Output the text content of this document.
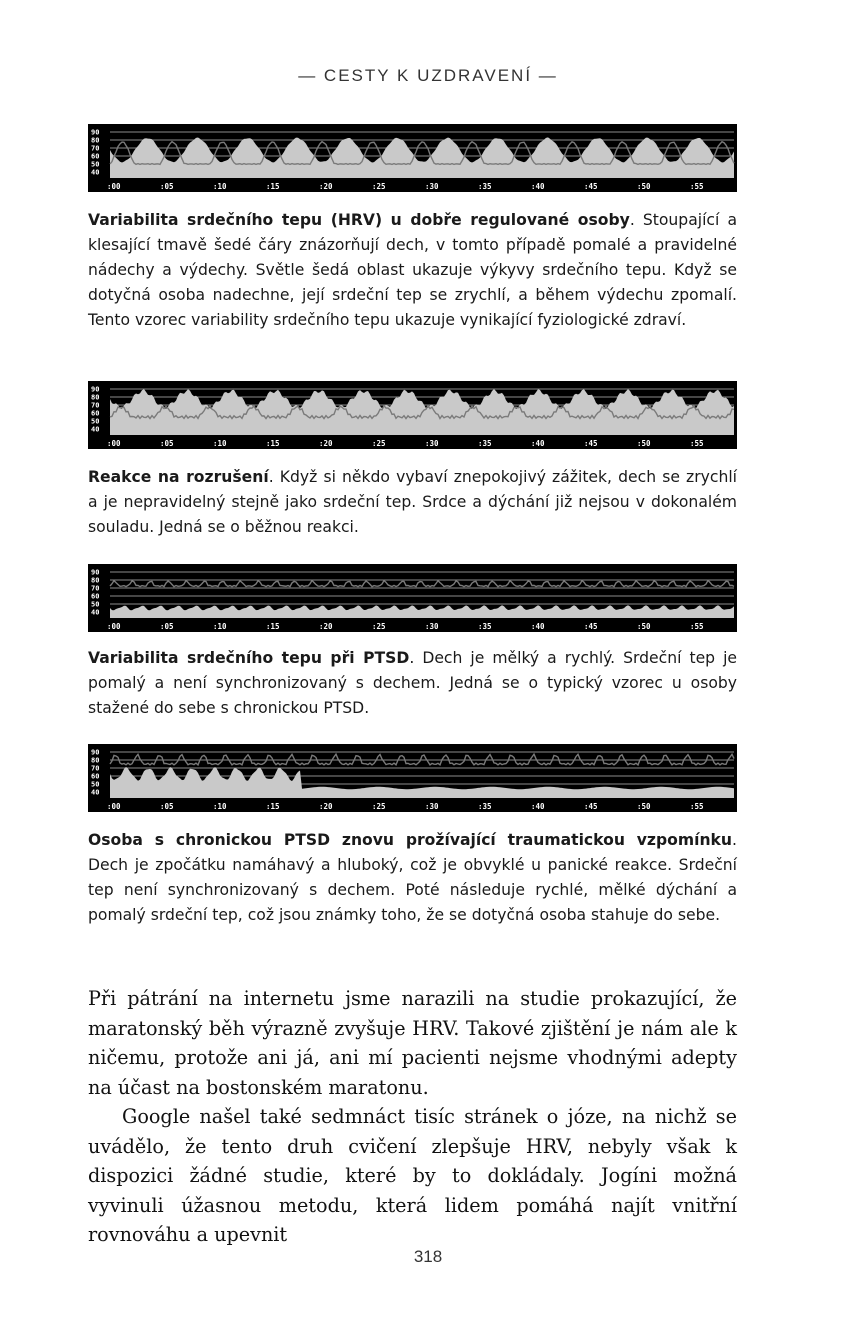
— CESTY K UZDRAVENÍ —
90
80
70
60
50
40
:00	:05	:10	:15	:20	:25	:30	:35	:40	:45	:50	:55	1:00
Variabilita srdečního tepu (HRV) u dobře regulované osoby. Stoupající a klesající tmavě šedé čáry znázorňují dech, v tomto případě pomalé a pravidelné nádechy a výdechy. Světle šedá oblast ukazuje výkyvy srdečního tepu. Když se dotyčná osoba nadechne, její srdeční tep se zrychlí, a během výdechu zpomalí. Tento vzorec variability srdečního tepu ukazuje vynikající fyziologické zdraví.
90
80
70
60
50
40
:00	:05	:10	:15	:20	:25	:30	:35	:40	:45	:50	:55	1:00
Reakce na rozrušení. Když si někdo vybaví znepokojivý zážitek, dech se zrychlí a je nepravidelný stejně jako srdeční tep. Srdce a dýchání již nejsou v dokonalém souladu. Jedná se o běžnou reakci.
90
80
70
60
50
40
:00	:05	:10	:15	:20	:25	:30	:35	:40	:45	:50	:55
Variabilita srdečního tepu při PTSD. Dech je mělký a rychlý. Srdeční tep je pomalý a není synchronizovaný s dechem. Jedná se o typický vzorec u osoby stažené do sebe s chronickou PTSD.
90
80
70
60
50
40
:00	:05	:10	:15	:20	:25	:30	:35	:40	:45	:50	:55
Osoba s chronickou PTSD znovu prožívající traumatickou vzpomínku. Dech je zpočátku namáhavý a hluboký, což je obvyklé u panické reakce. Srdeční tep není synchronizovaný s dechem. Poté následuje rychlé, mělké dýchání a pomalý srdeční tep, což jsou známky toho, že se dotyčná osoba stahuje do sebe.

Při pátrání na internetu jsme narazili na studie prokazující, že maratonský běh výrazně zvyšuje HRV. Takové zjištění je nám ale k ničemu, protože ani já, ani mí pacienti nejsme vhodnými adepty na účast na bostonském maratonu.

Google našel také sedmnáct tisíc stránek o józe, na nichž se uvádělo, že tento druh cvičení zlepšuje HRV, nebyly však k dispozici žádné studie, které by to dokládaly. Jogíni možná vyvinuli úžasnou metodu, která lidem pomáhá najít vnitřní rovnováhu a upevnit

318
